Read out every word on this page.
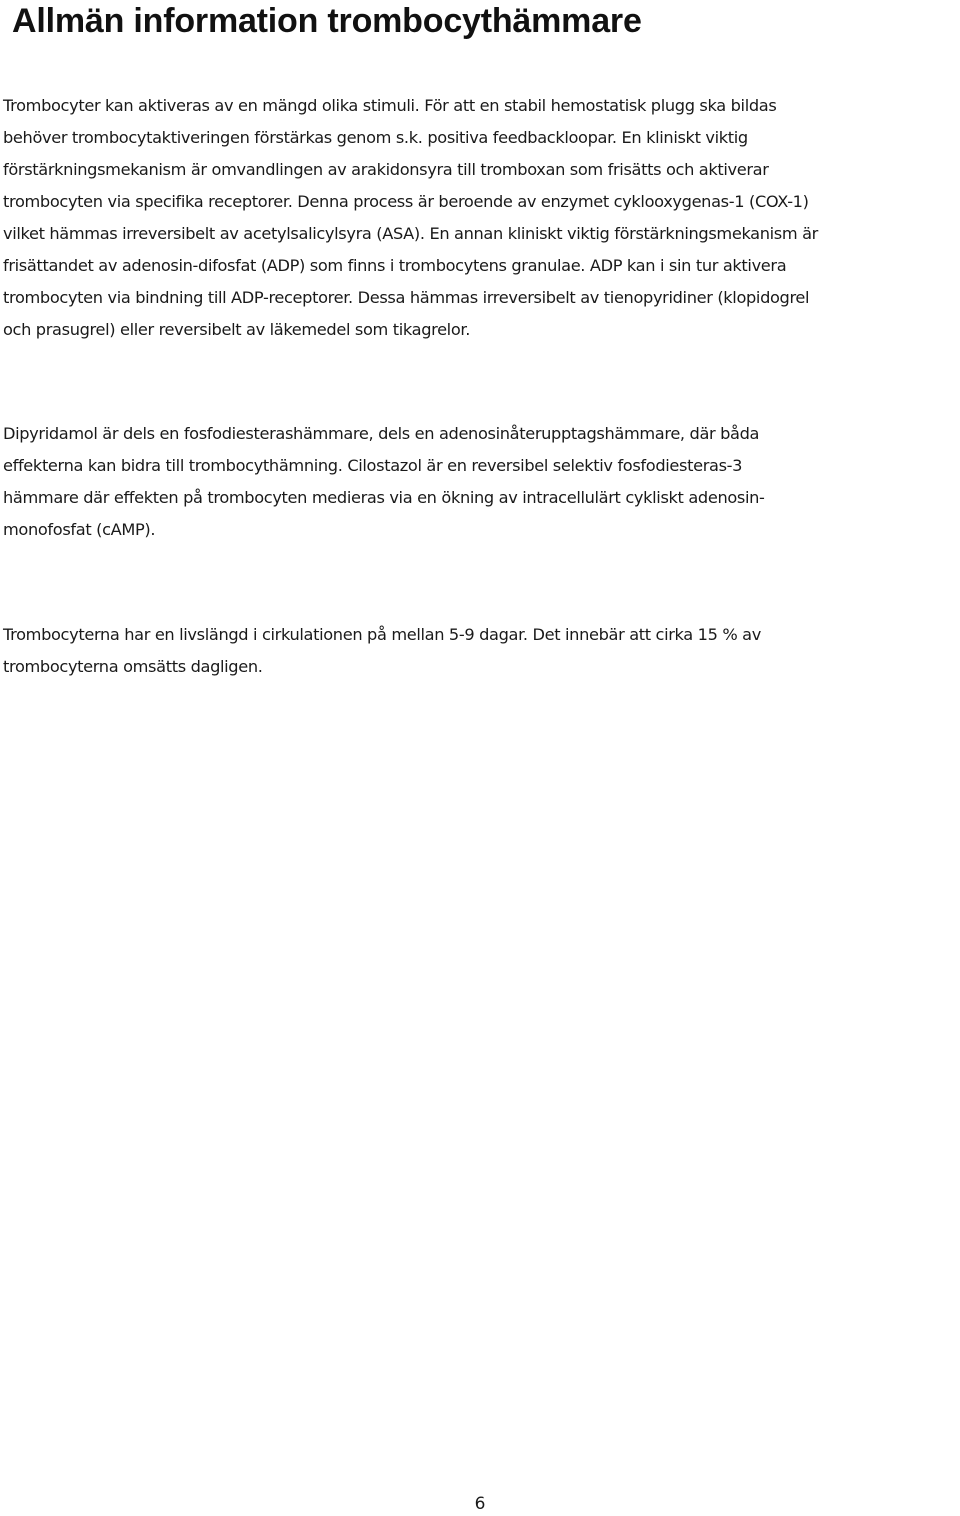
Allmän information trombocythämmare

Trombocyter kan aktiveras av en mängd olika stimuli. För att en stabil hemostatisk plugg ska bildas
behöver trombocytaktiveringen förstärkas genom s.k. positiva feedbackloopar. En kliniskt viktig
förstärkningsmekanism är omvandlingen av arakidonsyra till tromboxan som frisätts och aktiverar
trombocyten via specifika receptorer. Denna process är beroende av enzymet cyklooxygenas-1 (COX-1)
vilket hämmas irreversibelt av acetylsalicylsyra (ASA). En annan kliniskt viktig förstärkningsmekanism är
frisättandet av adenosin-difosfat (ADP) som finns i trombocytens granulae. ADP kan i sin tur aktivera
trombocyten via bindning till ADP-receptorer. Dessa hämmas irreversibelt av tienopyridiner (klopidogrel
och prasugrel) eller reversibelt av läkemedel som tikagrelor.

Dipyridamol är dels en fosfodiesterashämmare, dels en adenosinåterupptagshämmare, där båda
effekterna kan bidra till trombocythämning. Cilostazol är en reversibel selektiv fosfodiesteras-3
hämmare där effekten på trombocyten medieras via en ökning av intracellulärt cykliskt adenosin-
monofosfat (cAMP).

Trombocyterna har en livslängd i cirkulationen på mellan 5-9 dagar. Det innebär att cirka 15 % av
trombocyterna omsätts dagligen.

6
